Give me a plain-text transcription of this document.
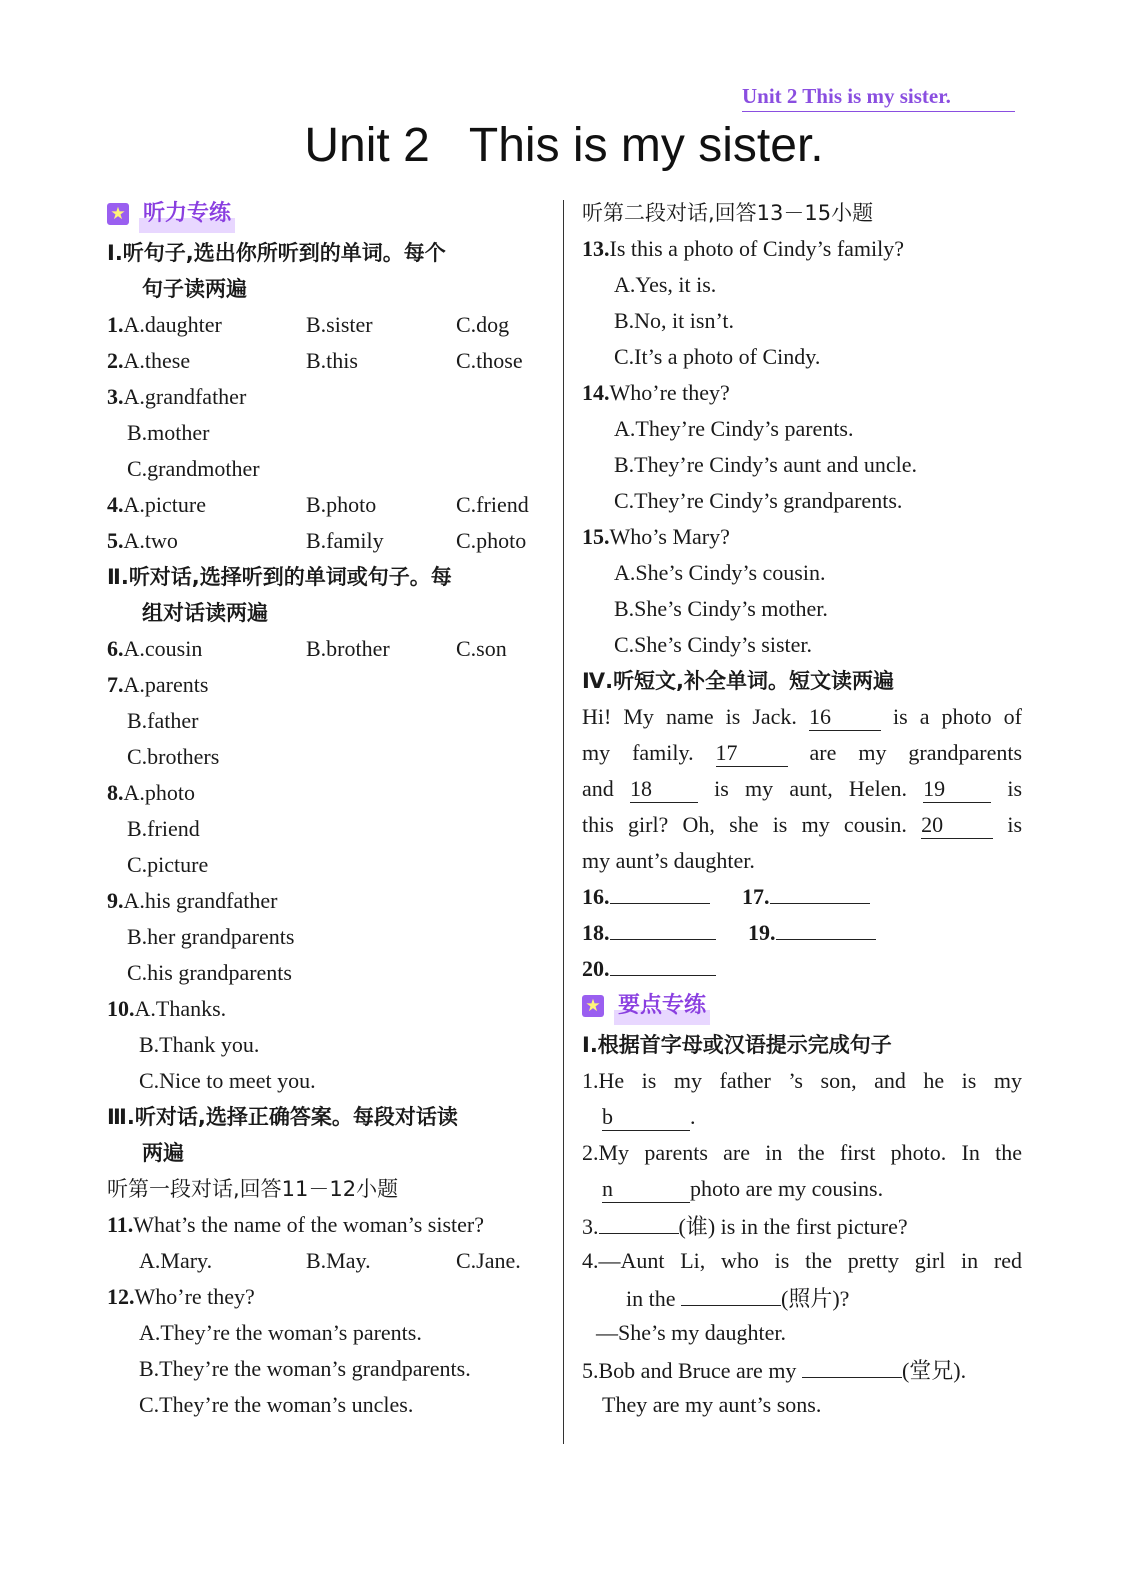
Unit 2 This is my sister.
Unit 2   This is my sister.
★ 听力专练
Ⅰ.听句子,选出你所听到的单词。每个
句子读两遍
1.A.daughter	B.sister	C.dog
2.A.these	B.this	C.those
3.A.grandfather
B.mother
C.grandmother
4.A.picture	B.photo	C.friend
5.A.two	B.family	C.photo
Ⅱ.听对话,选择听到的单词或句子。每
组对话读两遍
6.A.cousin	B.brother	C.son
7.A.parents
B.father
C.brothers
8.A.photo
B.friend
C.picture
9.A.his grandfather
B.her grandparents
C.his grandparents
10.A.Thanks.
B.Thank you.
C.Nice to meet you.
Ⅲ.听对话,选择正确答案。每段对话读
两遍
听第一段对话,回答11－12小题
11.What’s the name of the woman’s sister?
A.Mary.	B.May.	C.Jane.
12.Who’re they?
A.They’re the woman’s parents.
B.They’re the woman’s grandparents.
C.They’re the woman’s uncles.
听第二段对话,回答13－15小题
13.Is this a photo of Cindy’s family?
A.Yes, it is.
B.No, it isn’t.
C.It’s a photo of Cindy.
14.Who’re they?
A.They’re Cindy’s parents.
B.They’re Cindy’s aunt and uncle.
C.They’re Cindy’s grandparents.
15.Who’s Mary?
A.She’s Cindy’s cousin.
B.She’s Cindy’s mother.
C.She’s Cindy’s sister.
Ⅳ.听短文,补全单词。短文读两遍
Hi! My name is Jack. 16	is a photo of
my family. 17	are my grandparents
and 18	is my aunt, Helen. 19	is
this girl? Oh, she is my cousin. 20	is
my aunt’s daughter.
16.	17.
18.	19.
20.
★ 要点专练
Ⅰ.根据首字母或汉语提示完成句子
1.He is my father ’s son, and he is my
b	.
2.My parents are in the first photo. In the
n	photo are my cousins.
3.	(谁) is in the first picture?
4.—Aunt Li, who is the pretty girl in red
in the	(照片)?
—She’s my daughter.
5.Bob and Bruce are my	(堂兄).
They are my aunt’s sons.
